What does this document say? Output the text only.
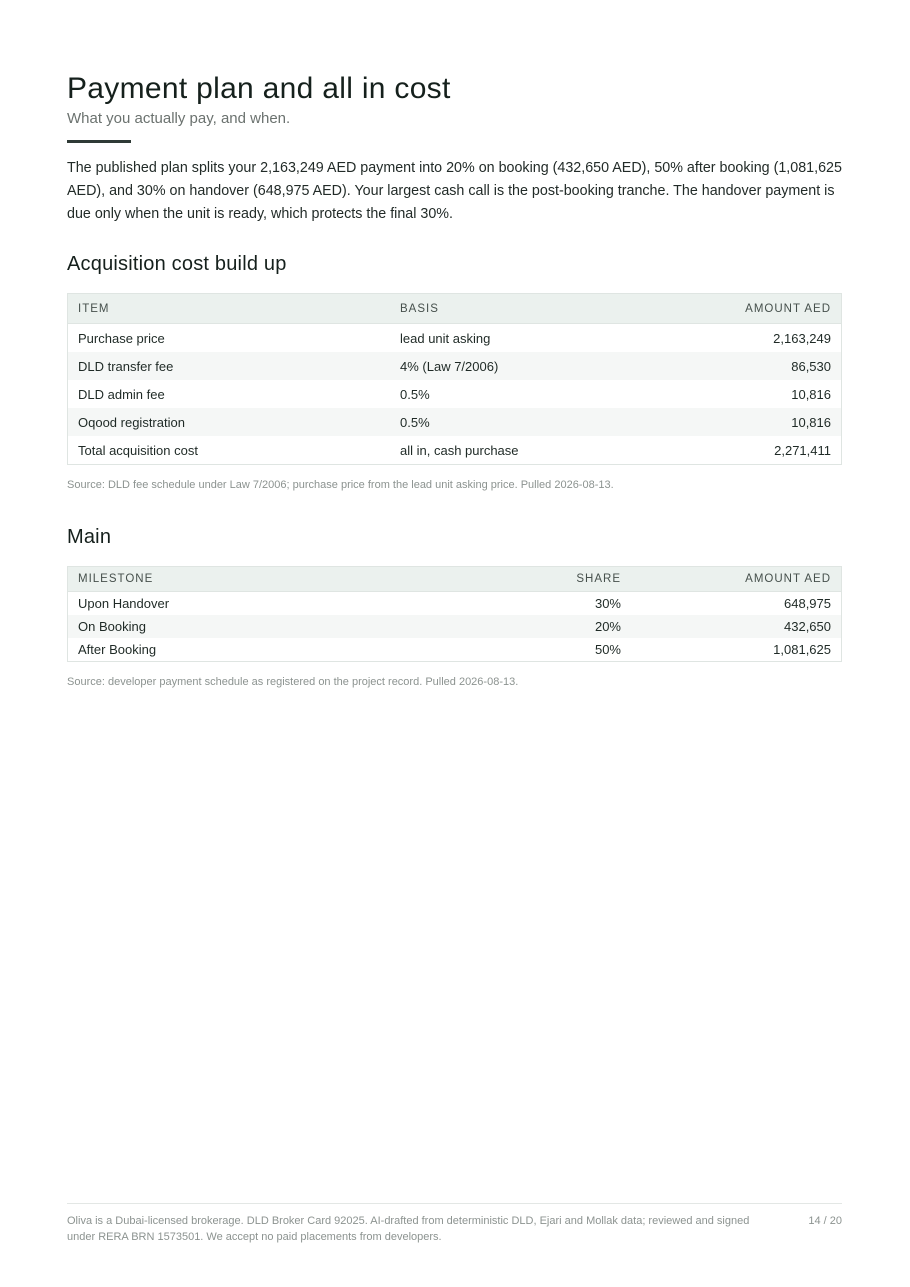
Payment plan and all in cost

What you actually pay, and when.

The published plan splits your 2,163,249 AED payment into 20% on booking (432,650 AED), 50% after booking (1,081,625 AED), and 30% on handover (648,975 AED). Your largest cash call is the post-booking tranche. The handover payment is due only when the unit is ready, which protects the final 30%.

Acquisition cost build up
ITEM	BASIS	AMOUNT AED
Purchase price	lead unit asking	2,163,249
DLD transfer fee	4% (Law 7/2006)	86,530
DLD admin fee	0.5%	10,816
Oqood registration	0.5%	10,816
Total acquisition cost	all in, cash purchase	2,271,411
Source: DLD fee schedule under Law 7/2006; purchase price from the lead unit asking price. Pulled 2026-08-13.
Main
MILESTONE	SHARE	AMOUNT AED
Upon Handover	30%	648,975
On Booking	20%	432,650
After Booking	50%	1,081,625
Source: developer payment schedule as registered on the project record. Pulled 2026-08-13.
Oliva is a Dubai-licensed brokerage. DLD Broker Card 92025. AI-drafted from deterministic DLD, Ejari and Mollak data; reviewed and signed under RERA BRN 1573501. We accept no paid placements from developers.
14 / 20
